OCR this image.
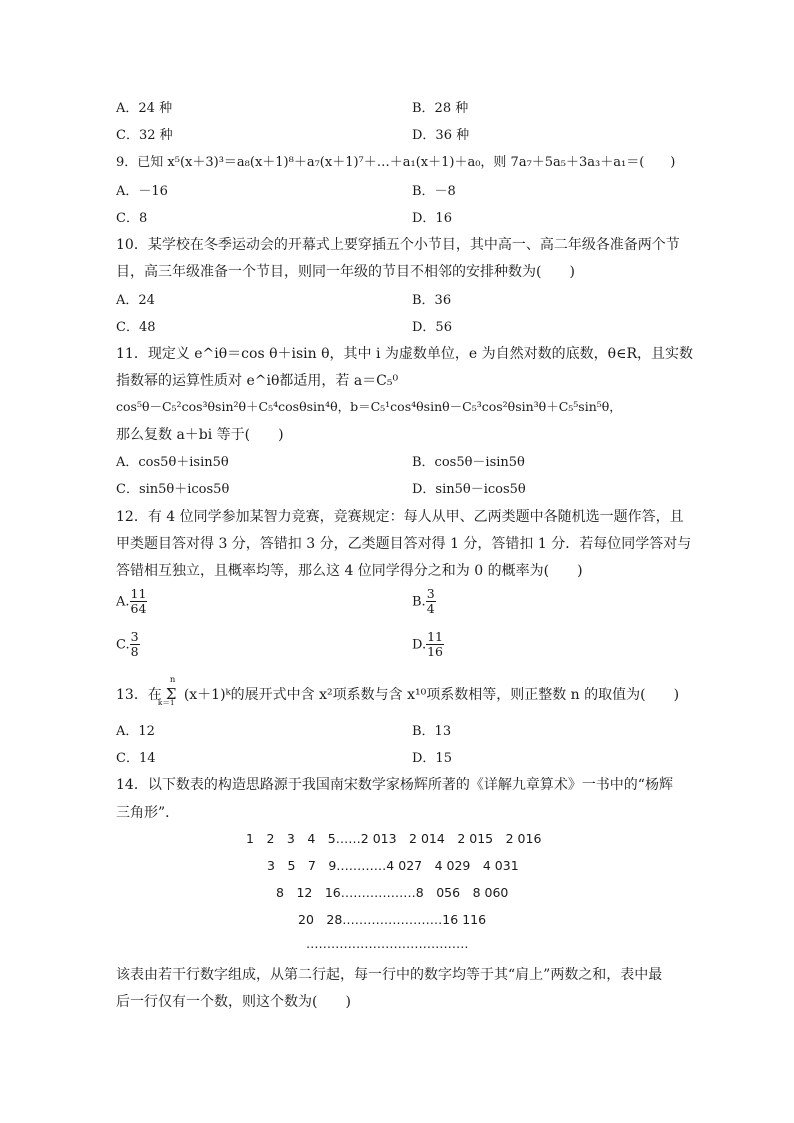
A．24 种	B．28 种
C．32 种	D．36 种
9．已知 x⁵(x＋3)³＝a₈(x＋1)⁸＋a₇(x＋1)⁷＋…＋a₁(x＋1)＋a₀，则 7a₇＋5a₅＋3a₃＋a₁＝(　　)
A．－16	B．－8
C．8	D．16
10．某学校在冬季运动会的开幕式上要穿插五个小节目，其中高一、高二年级各准备两个节
目，高三年级准备一个节目，则同一年级的节目不相邻的安排种数为(　　)
A．24	B．36
C．48	D．56
11．现定义 e^iθ＝cos θ＋isin θ，其中 i 为虚数单位，e 为自然对数的底数，θ∈R，且实数
指数幂的运算性质对 e^iθ都适用，若 a＝C₅⁰
cos⁵θ－C₅²cos³θsin²θ＋C₅⁴cosθsin⁴θ，b＝C₅¹cos⁴θsinθ－C₅³cos²θsin³θ＋C₅⁵sin⁵θ，
那么复数 a＋bi 等于(　　)
A．cos5θ＋isin5θ	B．cos5θ－isin5θ
C．sin5θ＋icos5θ	D．sin5θ－icos5θ
12．有 4 位同学参加某智力竞赛，竞赛规定：每人从甲、乙两类题中各随机选一题作答，且
甲类题目答对得 3 分，答错扣 3 分，乙类题目答对得 1 分，答错扣 1 分．若每位同学答对与
答错相互独立，且概率均等，那么这 4 位同学得分之和为 0 的概率为(　　)
A. $\frac{11}{64}$	B. $\frac{3}{4}$
C. $\frac{3}{8}$	D. $\frac{11}{16}$
13．在
n
Σ
k＝1 (x＋1)ᵏ的展开式中含 x²项系数与含 x¹⁰项系数相等，则正整数 n 的取值为(　　)
A．12	B．13
C．14	D．15
14．以下数表的构造思路源于我国南宋数学家杨辉所著的《详解九章算术》一书中的“杨辉
三角形”．
1　2　3　4　5……2 013　2 014　2 015　2 016
3　5　7　9…………4 027　4 029　4 031
8　12　16………………8　056　8 060
20　28……………………16 116
…………………………………
该表由若干行数字组成，从第二行起，每一行中的数字均等于其“肩上”两数之和，表中最
后一行仅有一个数，则这个数为(　　)
